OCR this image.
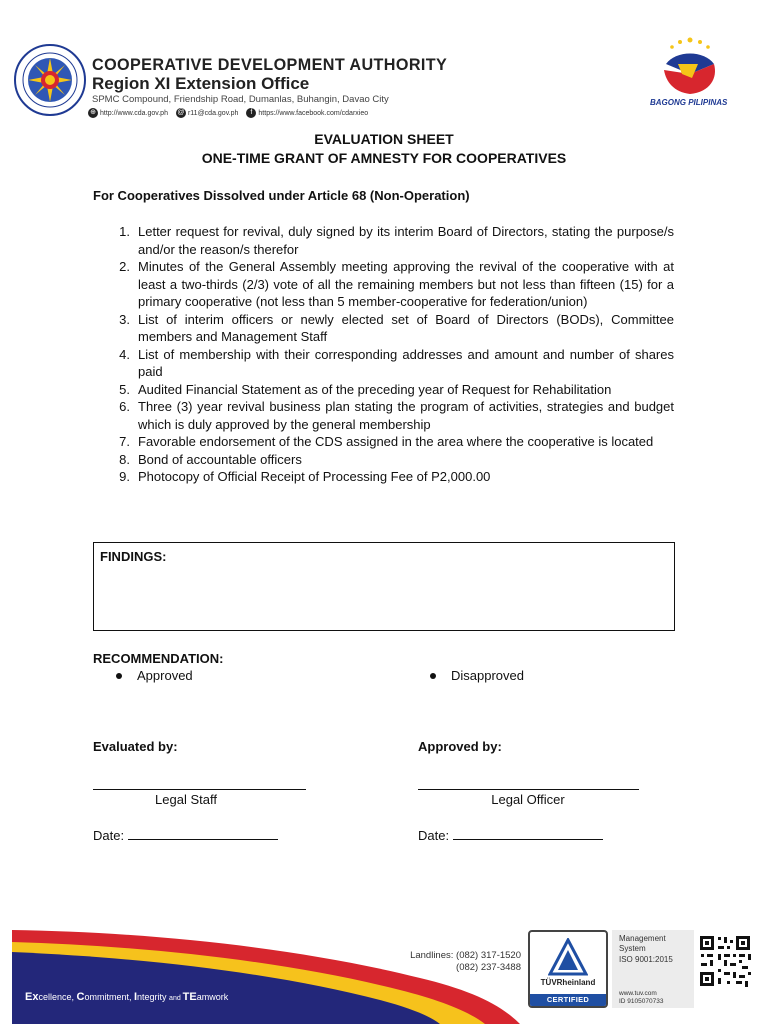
COOPERATIVE DEVELOPMENT AUTHORITY
Region XI Extension Office
SPMC Compound, Friendship Road, Dumanlas, Buhangin, Davao City
⊕ http://www.cda.gov.ph @ r11@cda.gov.ph	f https://www.facebook.com/cdarxieo
BAGONG PILIPINAS
EVALUATION SHEET
ONE-TIME GRANT OF AMNESTY FOR COOPERATIVES
For Cooperatives Dissolved under Article 68 (Non-Operation)
1. Letter request for revival, duly signed by its interim Board of Directors, stating the purpose/s and/or the reason/s therefor
2. Minutes of the General Assembly meeting approving the revival of the cooperative with at least a two-thirds (2/3) vote of all the remaining members but not less than fifteen (15) for a primary cooperative (not less than 5 member-cooperative for federation/union)
3. List of interim officers or newly elected set of Board of Directors (BODs), Committee members and Management Staff
4. List of membership with their corresponding addresses and amount and number of shares paid
5. Audited Financial Statement as of the preceding year of Request for Rehabilitation
6. Three (3) year revival business plan stating the program of activities, strategies and budget which is duly approved by the general membership
7. Favorable endorsement of the CDS assigned in the area where the cooperative is located
8. Bond of accountable officers
9. Photocopy of Official Receipt of Processing Fee of P2,000.00
FINDINGS:
RECOMMENDATION:
Approved	Disapproved
Evaluated by:	Approved by:
Legal Staff	Legal Officer
Date:	Date:
Excellence, Commitment, Integrity and TEamwork
Landlines: (082) 317-1520
(082) 237-3488
TÜVRheinland
CERTIFIED
Management
System
ISO 9001:2015
www.tuv.com
ID 9105070733
